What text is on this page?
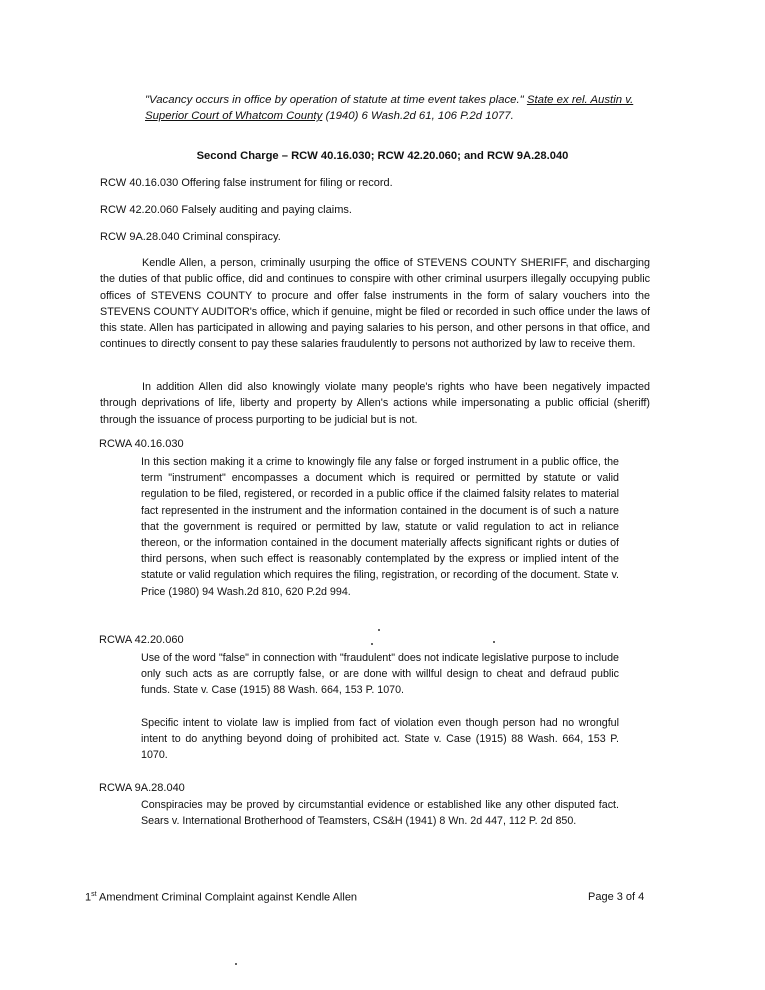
"Vacancy occurs in office by operation of statute at time event takes place." State ex rel. Austin v. Superior Court of Whatcom County (1940) 6 Wash.2d 61, 106 P.2d 1077.
Second Charge – RCW 40.16.030; RCW 42.20.060; and RCW 9A.28.040
RCW 40.16.030 Offering false instrument for filing or record.
RCW 42.20.060 Falsely auditing and paying claims.
RCW 9A.28.040 Criminal conspiracy.

Kendle Allen, a person, criminally usurping the office of STEVENS COUNTY SHERIFF, and discharging the duties of that public office, did and continues to conspire with other criminal usurpers illegally occupying public offices of STEVENS COUNTY to procure and offer false instruments in the form of salary vouchers into the STEVENS COUNTY AUDITOR's office, which if genuine, might be filed or recorded in such office under the laws of this state. Allen has participated in allowing and paying salaries to his person, and other persons in that office, and continues to directly consent to pay these salaries fraudulently to persons not authorized by law to receive them.

In addition Allen did also knowingly violate many people's rights who have been negatively impacted through deprivations of life, liberty and property by Allen's actions while impersonating a public official (sheriff) through the issuance of process purporting to be judicial but is not.

RCWA 40.16.030

In this section making it a crime to knowingly file any false or forged instrument in a public office, the term "instrument" encompasses a document which is required or permitted by statute or valid regulation to be filed, registered, or recorded in a public office if the claimed falsity relates to material fact represented in the instrument and the information contained in the document is of such a nature that the government is required or permitted by law, statute or valid regulation to act in reliance thereon, or the information contained in the document materially affects significant rights or duties of third persons, when such effect is reasonably contemplated by the express or implied intent of the statute or valid regulation which requires the filing, registration, or recording of the document. State v. Price (1980) 94 Wash.2d 810, 620 P.2d 994.

RCWA 42.20.060

Use of the word "false" in connection with "fraudulent" does not indicate legislative purpose to include only such acts as are corruptly false, or are done with willful design to cheat and defraud public funds. State v. Case (1915) 88 Wash. 664, 153 P. 1070.

Specific intent to violate law is implied from fact of violation even though person had no wrongful intent to do anything beyond doing of prohibited act. State v. Case (1915) 88 Wash. 664, 153 P. 1070.

RCWA 9A.28.040

Conspiracies may be proved by circumstantial evidence or established like any other disputed fact. Sears v. International Brotherhood of Teamsters, CS&H (1941) 8 Wn. 2d 447, 112 P. 2d 850.

1st Amendment Criminal Complaint against Kendle Allen	Page 3 of 4
